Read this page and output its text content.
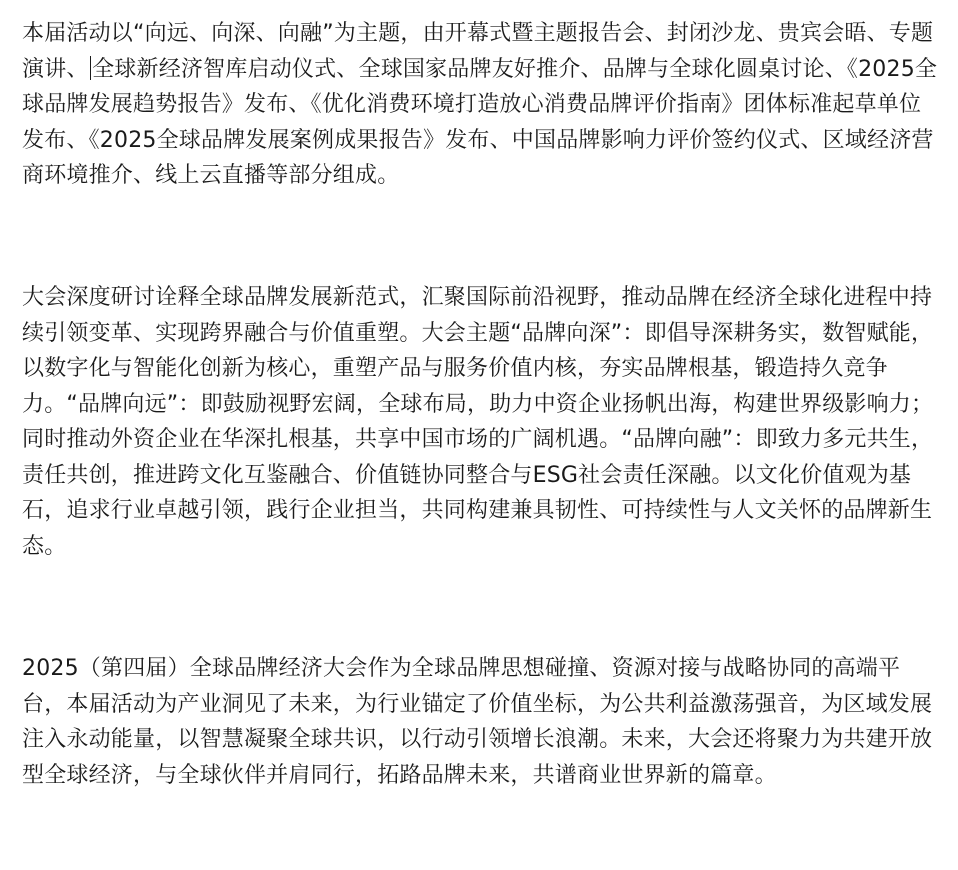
本届活动以“向远、向深、向融”为主题，由开幕式暨主题报告会、封闭沙龙、贵宾会晤、专题演讲、 全球新经济智库启动仪式、全球国家品牌友好推介、品牌与全球化圆桌讨论、《2025全球品牌发展趋势报告》发布、《优化消费环境打造放心消费品牌评价指南》团体标准起草单位发布、《2025全球品牌发展案例成果报告》发布、中国品牌影响力评价签约仪式、区域经济营商环境推介、线上云直播等部分组成。

大会深度研讨诠释全球品牌发展新范式，汇聚国际前沿视野，推动品牌在经济全球化进程中持续引领变革、实现跨界融合与价值重塑。大会主题“品牌向深”：即倡导深耕务实，数智赋能，以数字化与智能化创新为核心，重塑产品与服务价值内核，夯实品牌根基，锻造持久竞争力。“品牌向远”：即鼓励视野宏阔，全球布局，助力中资企业扬帆出海，构建世界级影响力；同时推动外资企业在华深扎根基，共享中国市场的广阔机遇。“品牌向融”：即致力多元共生，责任共创，推进跨文化互鉴融合、价值链协同整合与ESG社会责任深融。以文化价值观为基石，追求行业卓越引领，践行企业担当，共同构建兼具韧性、可持续性与人文关怀的品牌新生态。

2025（第四届）全球品牌经济大会作为全球品牌思想碰撞、资源对接与战略协同的高端平台，本届活动为产业洞见了未来，为行业锚定了价值坐标，为公共利益激荡强音，为区域发展注入永动能量，以智慧凝聚全球共识，以行动引领增长浪潮。未来，大会还将聚力为共建开放型全球经济，与全球伙伴并肩同行，拓路品牌未来，共谱商业世界新的篇章。
